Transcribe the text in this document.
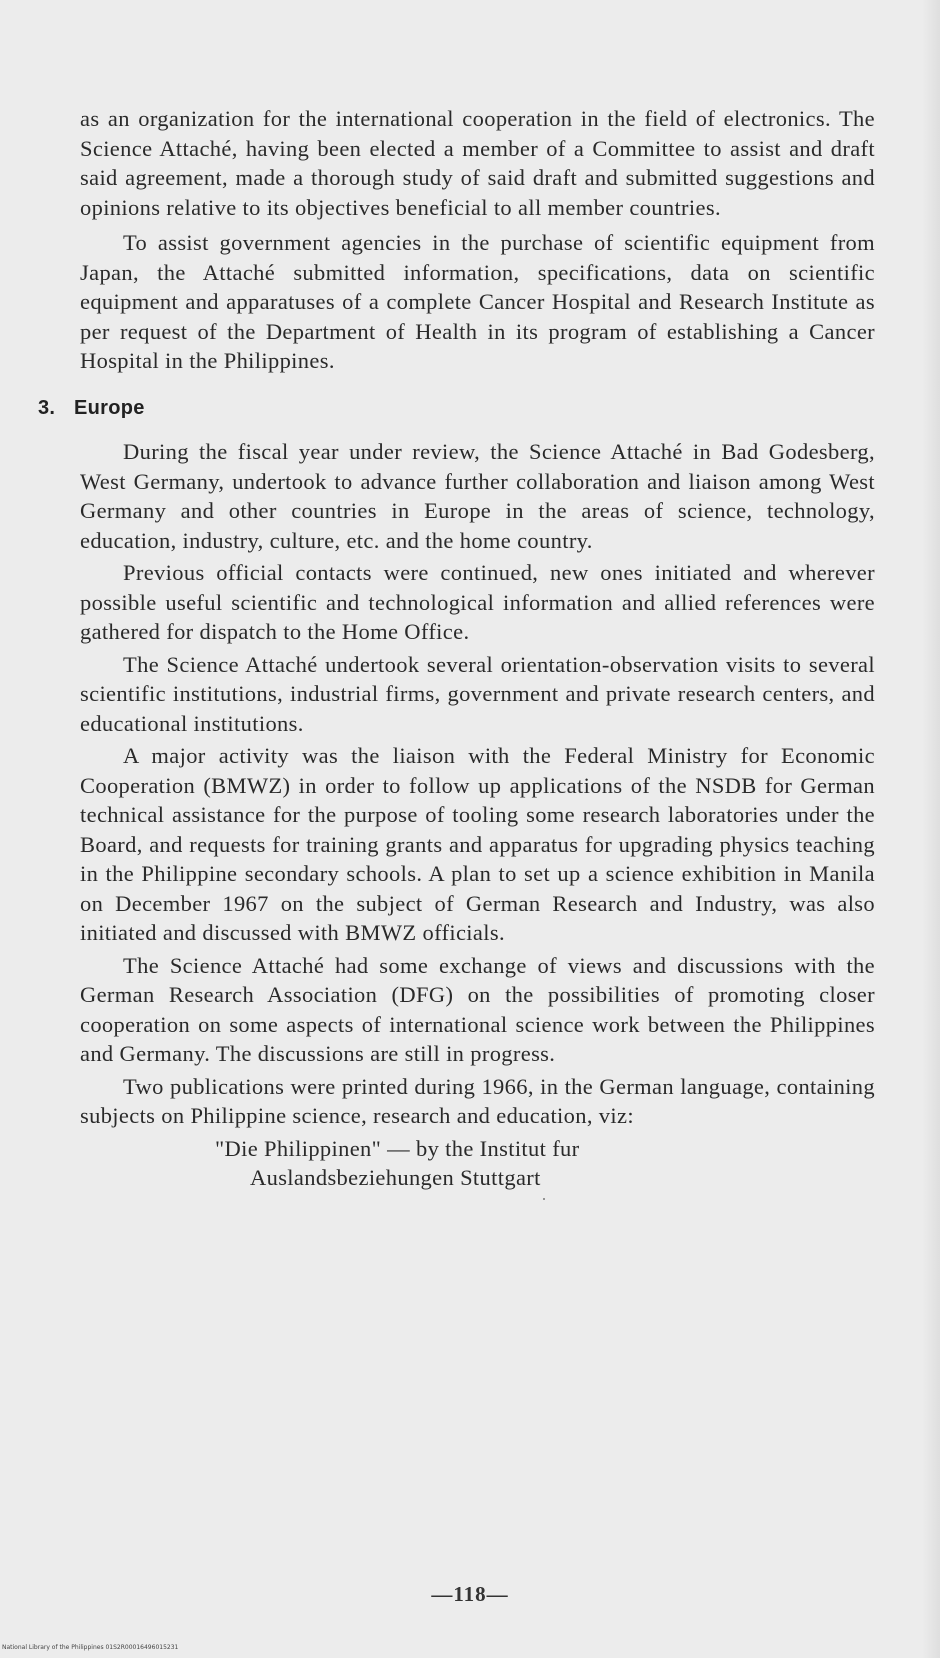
as an organization for the international cooperation in the field of electronics. The Science Attaché, having been elected a member of a Committee to assist and draft said agreement, made a thorough study of said draft and submitted suggestions and opinions relative to its objectives beneficial to all member countries.

To assist government agencies in the purchase of scientific equipment from Japan, the Attaché submitted information, specifications, data on scientific equipment and apparatuses of a complete Cancer Hospital and Research Institute as per request of the Department of Health in its program of establishing a Cancer Hospital in the Philippines.

3. Europe

During the fiscal year under review, the Science Attaché in Bad Godesberg, West Germany, undertook to advance further collaboration and liaison among West Germany and other countries in Europe in the areas of science, technology, education, industry, culture, etc. and the home country.

Previous official contacts were continued, new ones initiated and wherever possible useful scientific and technological information and allied references were gathered for dispatch to the Home Office.

The Science Attaché undertook several orientation-observation visits to several scientific institutions, industrial firms, government and private research centers, and educational institutions.

A major activity was the liaison with the Federal Ministry for Economic Cooperation (BMWZ) in order to follow up applications of the NSDB for German technical assistance for the purpose of tooling some research laboratories under the Board, and requests for training grants and apparatus for upgrading physics teaching in the Philippine secondary schools. A plan to set up a science exhibition in Manila on December 1967 on the subject of German Research and Industry, was also initiated and discussed with BMWZ officials.

The Science Attaché had some exchange of views and discussions with the German Research Association (DFG) on the possibilities of promoting closer cooperation on some aspects of international science work between the Philippines and Germany. The discussions are still in progress.

Two publications were printed during 1966, in the German language, containing subjects on Philippine science, research and education, viz:

"Die Philippinen" — by the Institut fur
Auslandsbeziehungen Stuttgart

—118—
National Library of the Philippines 01S2R00016496015231
